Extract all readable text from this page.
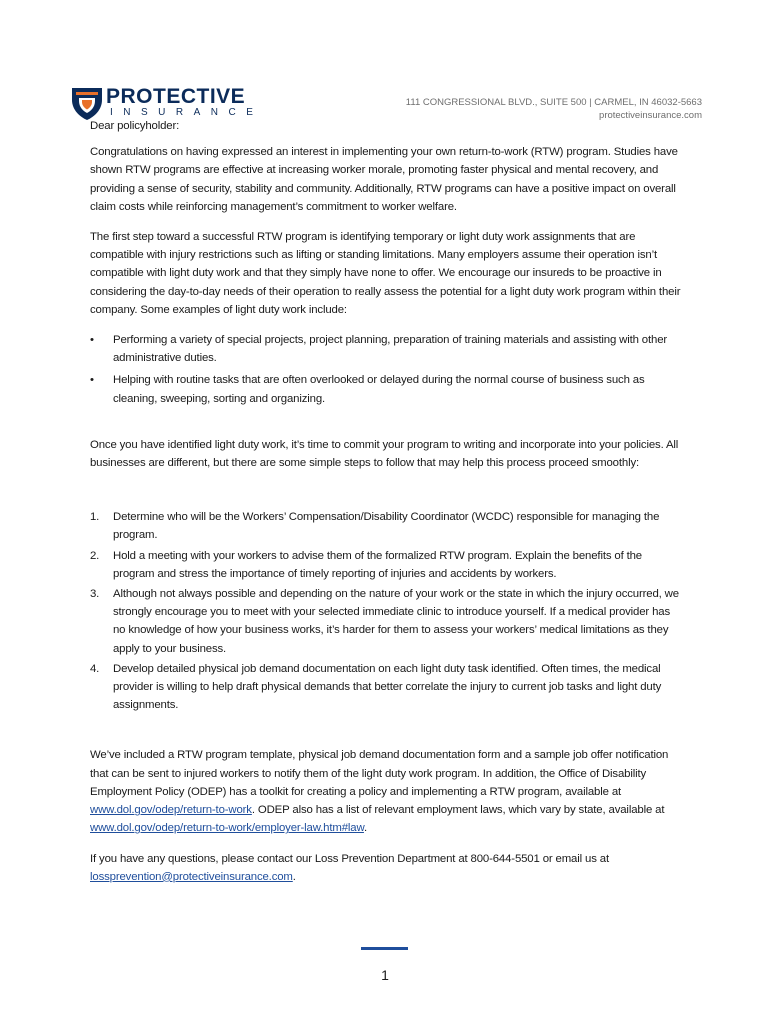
PROTECTIVE
INSURANCE
111 CONGRESSIONAL BLVD., SUITE 500 | CARMEL, IN 46032-5663
protectiveinsurance.com

Dear policyholder:

Congratulations on having expressed an interest in implementing your own return-to-work (RTW) program. Studies have shown RTW programs are effective at increasing worker morale, promoting faster physical and mental recovery, and providing a sense of security, stability and community. Additionally, RTW programs can have a positive impact on overall claim costs while reinforcing management’s commitment to worker welfare.

The first step toward a successful RTW program is identifying temporary or light duty work assignments that are compatible with injury restrictions such as lifting or standing limitations. Many employers assume their operation isn’t compatible with light duty work and that they simply have none to offer. We encourage our insureds to be proactive in considering the day-to-day needs of their operation to really assess the potential for a light duty work program within their company. Some examples of light duty work include:

• Performing a variety of special projects, project planning, preparation of training materials and assisting with other administrative duties.
• Helping with routine tasks that are often overlooked or delayed during the normal course of business such as cleaning, sweeping, sorting and organizing.

Once you have identified light duty work, it’s time to commit your program to writing and incorporate into your policies. All businesses are different, but there are some simple steps to follow that may help this process proceed smoothly:

1. Determine who will be the Workers’ Compensation/Disability Coordinator (WCDC) responsible for managing the program.
2. Hold a meeting with your workers to advise them of the formalized RTW program. Explain the benefits of the program and stress the importance of timely reporting of injuries and accidents by workers.
3. Although not always possible and depending on the nature of your work or the state in which the injury occurred, we strongly encourage you to meet with your selected immediate clinic to introduce yourself. If a medical provider has no knowledge of how your business works, it’s harder for them to assess your workers’ medical limitations as they apply to your business.
4. Develop detailed physical job demand documentation on each light duty task identified. Often times, the medical provider is willing to help draft physical demands that better correlate the injury to current job tasks and light duty assignments.

We’ve included a RTW program template, physical job demand documentation form and a sample job offer notification that can be sent to injured workers to notify them of the light duty work program. In addition, the Office of Disability Employment Policy (ODEP) has a toolkit for creating a policy and implementing a RTW program, available at www.dol.gov/odep/return-to-work. ODEP also has a list of relevant employment laws, which vary by state, available at www.dol.gov/odep/return-to-work/employer-law.htm#law.

If you have any questions, please contact our Loss Prevention Department at 800-644-5501 or email us at lossprevention@protectiveinsurance.com.

1
